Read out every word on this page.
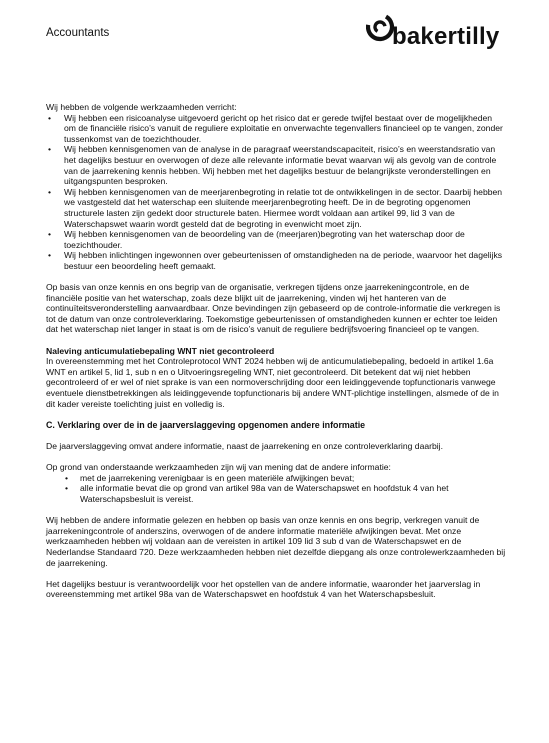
Accountants	bakertilly

Wij hebben de volgende werkzaamheden verricht:

• Wij hebben een risicoanalyse uitgevoerd gericht op het risico dat er gerede twijfel bestaat over de mogelijkheden om de financiële risico’s vanuit de reguliere exploitatie en onverwachte tegenvallers financieel op te vangen, zonder tussenkomst van de toezichthouder.
• Wij hebben kennisgenomen van de analyse in de paragraaf weerstandscapaciteit, risico’s en weerstandsratio van het dagelijks bestuur en overwogen of deze alle relevante informatie bevat waarvan wij als gevolg van de controle van de jaarrekening kennis hebben. Wij hebben met het dagelijks bestuur de belangrijkste veronderstellingen en uitgangspunten besproken.
• Wij hebben kennisgenomen van de meerjarenbegroting in relatie tot de ontwikkelingen in de sector. Daarbij hebben we vastgesteld dat het waterschap een sluitende meerjarenbegroting heeft. De in de begroting opgenomen structurele lasten zijn gedekt door structurele baten. Hiermee wordt voldaan aan artikel 99, lid 3 van de Waterschapswet waarin wordt gesteld dat de begroting in evenwicht moet zijn.
• Wij hebben kennisgenomen van de beoordeling van de (meerjaren)begroting van het waterschap door de toezichthouder.
• Wij hebben inlichtingen ingewonnen over gebeurtenissen of omstandigheden na de periode, waarvoor het dagelijks bestuur een beoordeling heeft gemaakt.

Op basis van onze kennis en ons begrip van de organisatie, verkregen tijdens onze jaarrekeningcontrole, en de financiële positie van het waterschap, zoals deze blijkt uit de jaarrekening, vinden wij het hanteren van de continuïteitsveronderstelling aanvaardbaar. Onze bevindingen zijn gebaseerd op de controle-informatie die verkregen is tot de datum van onze controleverklaring. Toekomstige gebeurtenissen of omstandigheden kunnen er echter toe leiden dat het waterschap niet langer in staat is om de risico’s vanuit de reguliere bedrijfsvoering financieel op te vangen.

Naleving anticumulatiebepaling WNT niet gecontroleerd

In overeenstemming met het Controleprotocol WNT 2024 hebben wij de anticumulatiebepaling, bedoeld in artikel 1.6a WNT en artikel 5, lid 1, sub n en o Uitvoeringsregeling WNT, niet gecontroleerd. Dit betekent dat wij niet hebben gecontroleerd of er wel of niet sprake is van een normoverschrijding door een leidinggevende topfunctionaris vanwege eventuele dienstbetrekkingen als leidinggevende topfunctionaris bij andere WNT-plichtige instellingen, alsmede of de in dit kader vereiste toelichting juist en volledig is.

C. Verklaring over de in de jaarverslaggeving opgenomen andere informatie

De jaarverslaggeving omvat andere informatie, naast de jaarrekening en onze controleverklaring daarbij.

Op grond van onderstaande werkzaamheden zijn wij van mening dat de andere informatie:

• met de jaarrekening verenigbaar is en geen materiële afwijkingen bevat;
• alle informatie bevat die op grond van artikel 98a van de Waterschapswet en hoofdstuk 4 van het Waterschapsbesluit is vereist.

Wij hebben de andere informatie gelezen en hebben op basis van onze kennis en ons begrip, verkregen vanuit de jaarrekeningcontrole of anderszins, overwogen of de andere informatie materiële afwijkingen bevat. Met onze werkzaamheden hebben wij voldaan aan de vereisten in artikel 109 lid 3 sub d van de Waterschapswet en de Nederlandse Standaard 720. Deze werkzaamheden hebben niet dezelfde diepgang als onze controlewerkzaamheden bij de jaarrekening.

Het dagelijks bestuur is verantwoordelijk voor het opstellen van de andere informatie, waaronder het jaarverslag in overeenstemming met artikel 98a van de Waterschapswet en hoofdstuk 4 van het Waterschapsbesluit.
